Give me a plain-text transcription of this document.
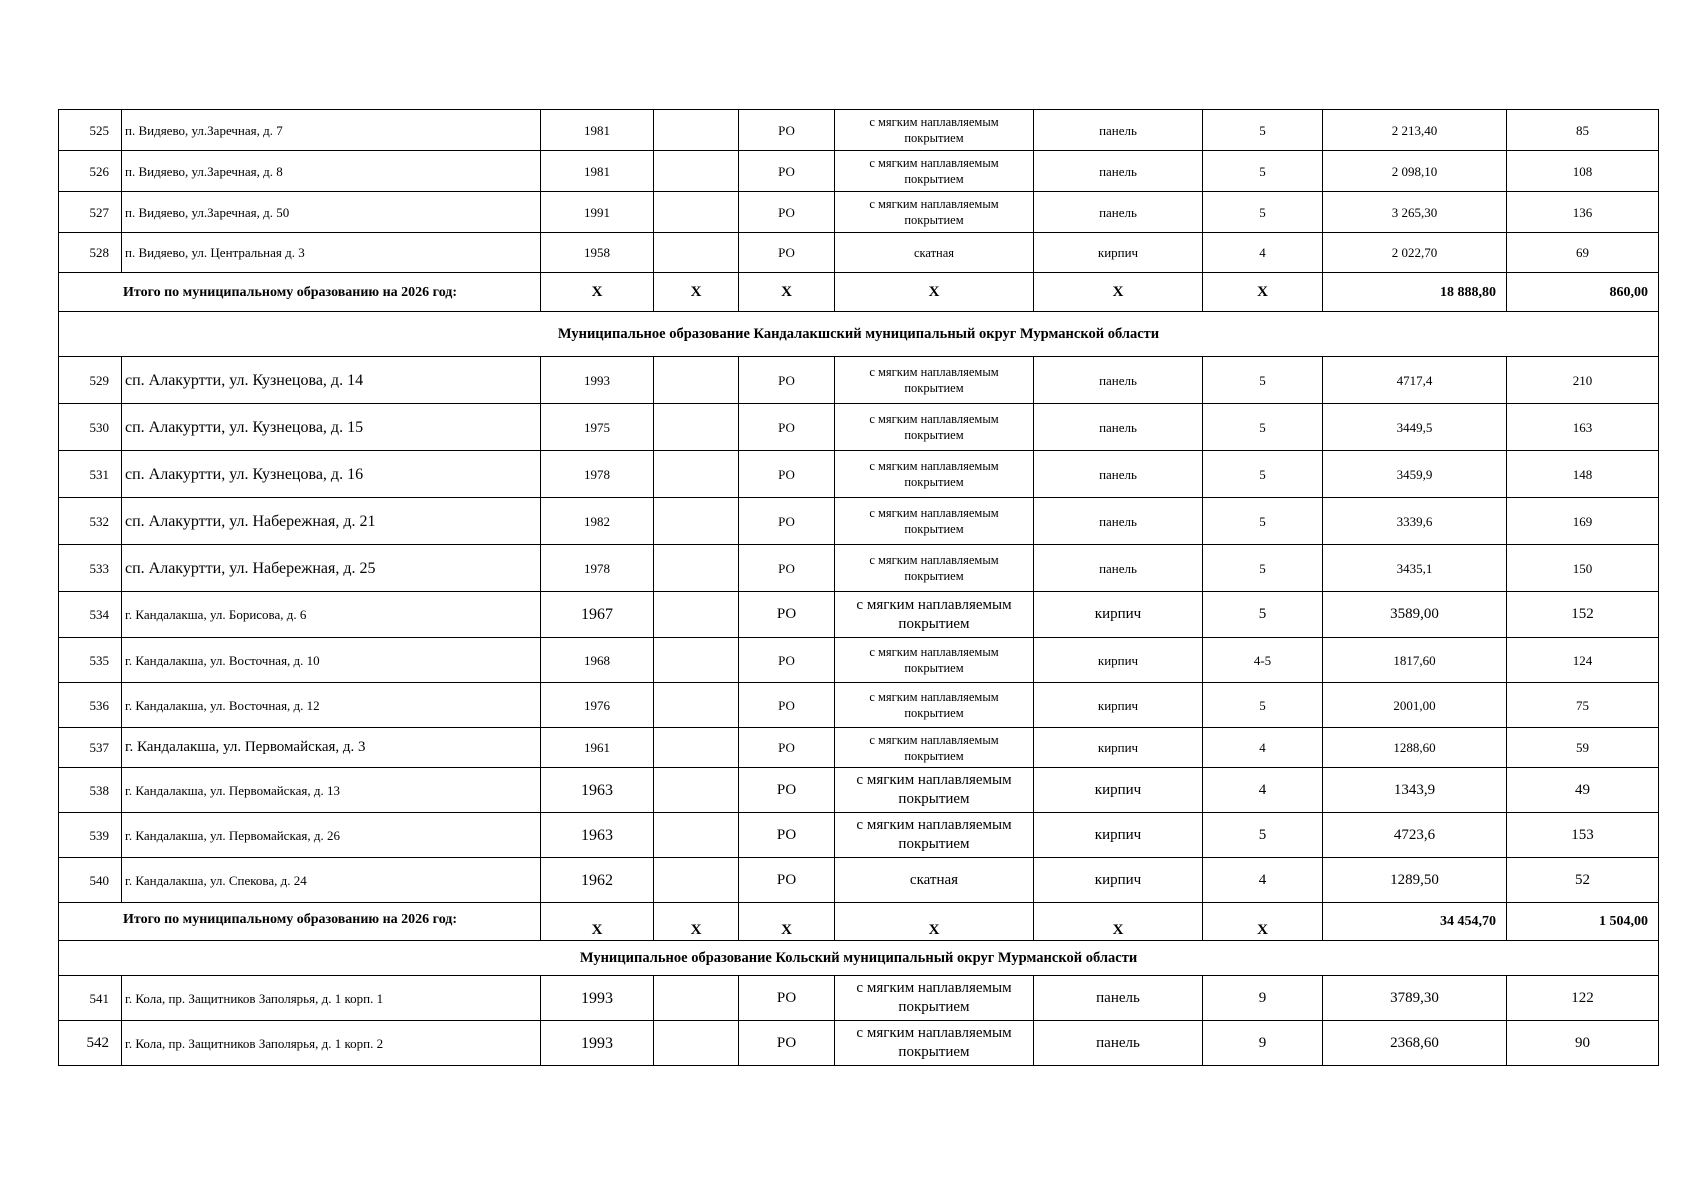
525	п. Видяево, ул.Заречная, д. 7	1981		РО	с мягким наплавляемым покрытием	панель	5	2 213,40	85
526	п. Видяево, ул.Заречная, д. 8	1981		РО	с мягким наплавляемым покрытием	панель	5	2 098,10	108
527	п. Видяево, ул.Заречная, д. 50	1991		РО	с мягким наплавляемым покрытием	панель	5	3 265,30	136
528	п. Видяево, ул. Центральная д. 3	1958		РО	скатная	кирпич	4	2 022,70	69
Итого по муниципальному образованию на 2026 год:		X	X	X	X	X	X	18 888,80	860,00
Муниципальное образование Кандалакшский муниципальный округ Мурманской области									
529	сп. Алакуртти, ул. Кузнецова, д. 14	1993		РО	с мягким наплавляемым покрытием	панель	5	4717,4	210
530	сп. Алакуртти, ул. Кузнецова, д. 15	1975		РО	с мягким наплавляемым покрытием	панель	5	3449,5	163
531	сп. Алакуртти, ул. Кузнецова, д. 16	1978		РО	с мягким наплавляемым покрытием	панель	5	3459,9	148
532	сп. Алакуртти, ул. Набережная, д. 21	1982		РО	с мягким наплавляемым покрытием	панель	5	3339,6	169
533	сп. Алакуртти, ул. Набережная, д. 25	1978		РО	с мягким наплавляемым покрытием	панель	5	3435,1	150
534	г. Кандалакша, ул. Борисова, д. 6	1967		РО	с мягким наплавляемым покрытием	кирпич	5	3589,00	152
535	г. Кандалакша, ул. Восточная, д. 10	1968		РО	с мягким наплавляемым покрытием	кирпич	4-5	1817,60	124
536	г. Кандалакша, ул. Восточная, д. 12	1976		РО	с мягким наплавляемым покрытием	кирпич	5	2001,00	75
537	г. Кандалакша, ул. Первомайская, д. 3	1961		РО	с мягким наплавляемым покрытием	кирпич	4	1288,60	59
538	г. Кандалакша, ул. Первомайская, д. 13	1963		РО	с мягким наплавляемым покрытием	кирпич	4	1343,9	49
539	г. Кандалакша, ул. Первомайская, д. 26	1963		РО	с мягким наплавляемым покрытием	кирпич	5	4723,6	153
540	г. Кандалакша, ул. Спекова, д. 24	1962		РО	скатная	кирпич	4	1289,50	52
Итого по муниципальному образованию на 2026 год:		X	X	X	X	X	X	34 454,70	1 504,00
Муниципальное образование Кольский муниципальный округ Мурманской области									
541	г. Кола, пр. Защитников Заполярья, д. 1 корп. 1	1993		РО	с мягким наплавляемым покрытием	панель	9	3789,30	122
542	г. Кола, пр. Защитников Заполярья, д. 1 корп. 2	1993		РО	с мягким наплавляемым покрытием	панель	9	2368,60	90
